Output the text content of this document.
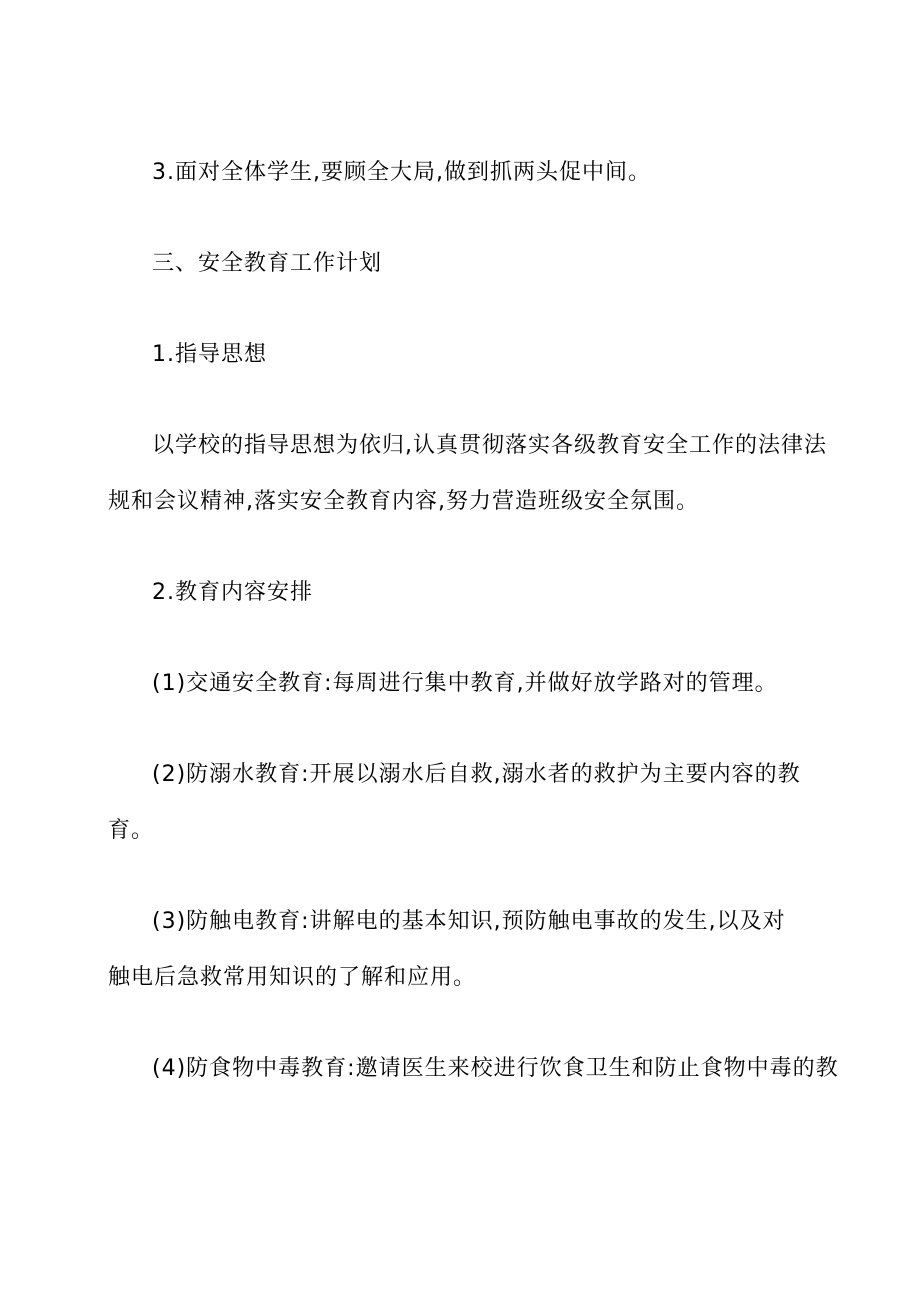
3.面对全体学生,要顾全大局,做到抓两头促中间。
三、安全教育工作计划
1.指导思想
以学校的指导思想为依归,认真贯彻落实各级教育安全工作的法律法
规和会议精神,落实安全教育内容,努力营造班级安全氛围。
2.教育内容安排
(1)交通安全教育:每周进行集中教育,并做好放学路对的管理。
(2)防溺水教育:开展以溺水后自救,溺水者的救护为主要内容的教
育。
(3)防触电教育:讲解电的基本知识,预防触电事故的发生,以及对
触电后急救常用知识的了解和应用。
(4)防食物中毒教育:邀请医生来校进行饮食卫生和防止食物中毒的教
